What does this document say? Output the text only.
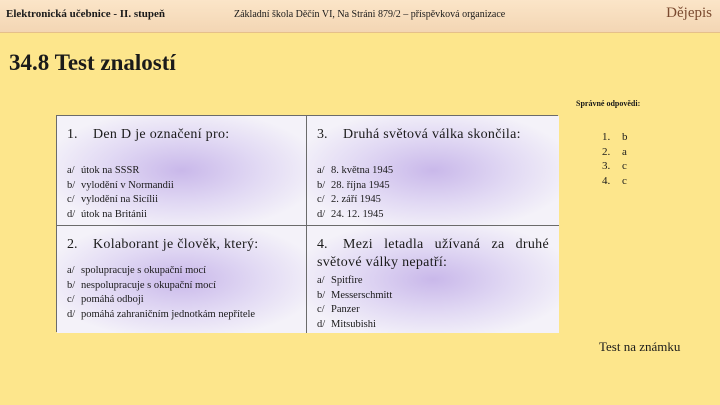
Elektronická učebnice - II. stupeň	Základní škola Děčín VI, Na Stráni 879/2 – příspěvková organizace	Dějepis
34.8 Test znalostí
Správné odpovědi:
1. b
2. a
3. c
4. c
1. Den D je označení pro:
a/ útok na SSSR
b/ vylodění v Normandii
c/ vylodění na Sicílii
d/ útok na Británii
3. Druhá světová válka skončila:
a/ 8. května 1945
b/ 28. října 1945
c/ 2. září 1945
d/ 24. 12. 1945
2. Kolaborant je člověk, který:
a/ spolupracuje s okupační mocí
b/ nespolupracuje s okupační mocí
c/ pomáhá odboji
d/ pomáhá zahraničním jednotkám nepřítele
4. Mezi letadla užívaná za druhé světové války nepatří:
a/ Spitfire
b/ Messerschmitt
c/ Panzer
d/ Mitsubishi
Test na známku
